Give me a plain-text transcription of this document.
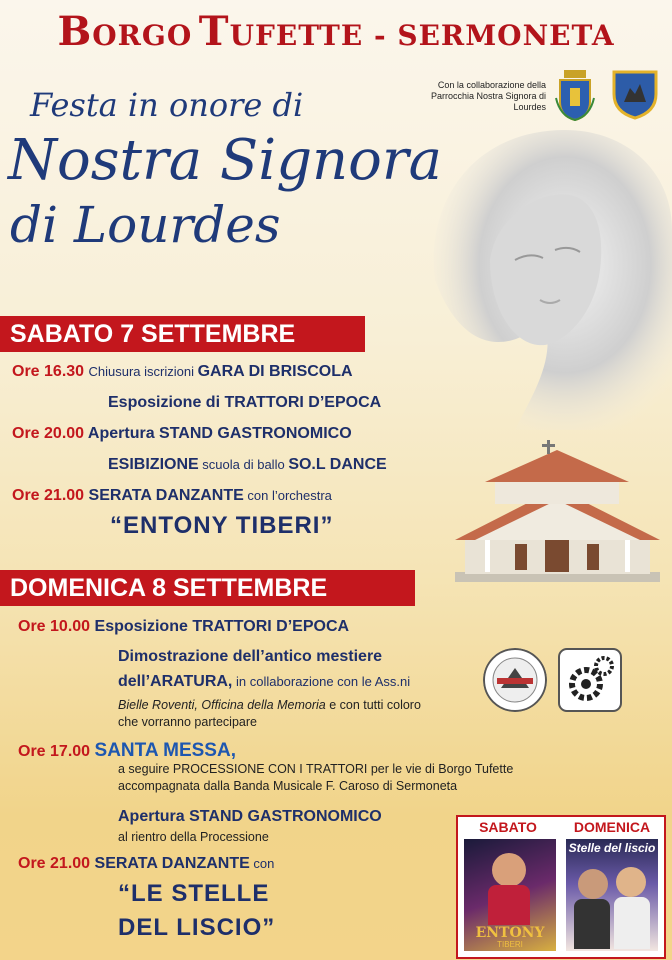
BORGO TUFETTE - SERMONETA
Festa in onore di
Nostra Signora
di Lourdes
Con la collaborazione della Parrocchia Nostra Signora di Lourdes
SABATO 7 SETTEMBRE
Ore 16.30 Chiusura iscrizioni GARA DI BRISCOLA
Esposizione di TRATTORI D’EPOCA
Ore 20.00 Apertura STAND GASTRONOMICO
ESIBIZIONE scuola di ballo SO.L DANCE
Ore 21.00 SERATA DANZANTE con l’orchestra
“ENTONY TIBERI”
DOMENICA 8 SETTEMBRE
Ore 10.00 Esposizione TRATTORI D’EPOCA
Dimostrazione dell’antico mestiere
dell’ARATURA, in collaborazione con le Ass.ni
Bielle Roventi, Officina della Memoria e con tutti coloro
che vorranno partecipare
Ore 17.00 SANTA MESSA,
a seguire PROCESSIONE CON I TRATTORI per le vie di Borgo Tufette
accompagnata dalla Banda Musicale F. Caroso di Sermoneta
Apertura STAND GASTRONOMICO
al rientro della Processione
Ore 21.00 SERATA DANZANTE con
“LE STELLE
DEL LISCIO”
SABATO	DOMENICA
ENTONY
TIBERI
Stelle del liscio
